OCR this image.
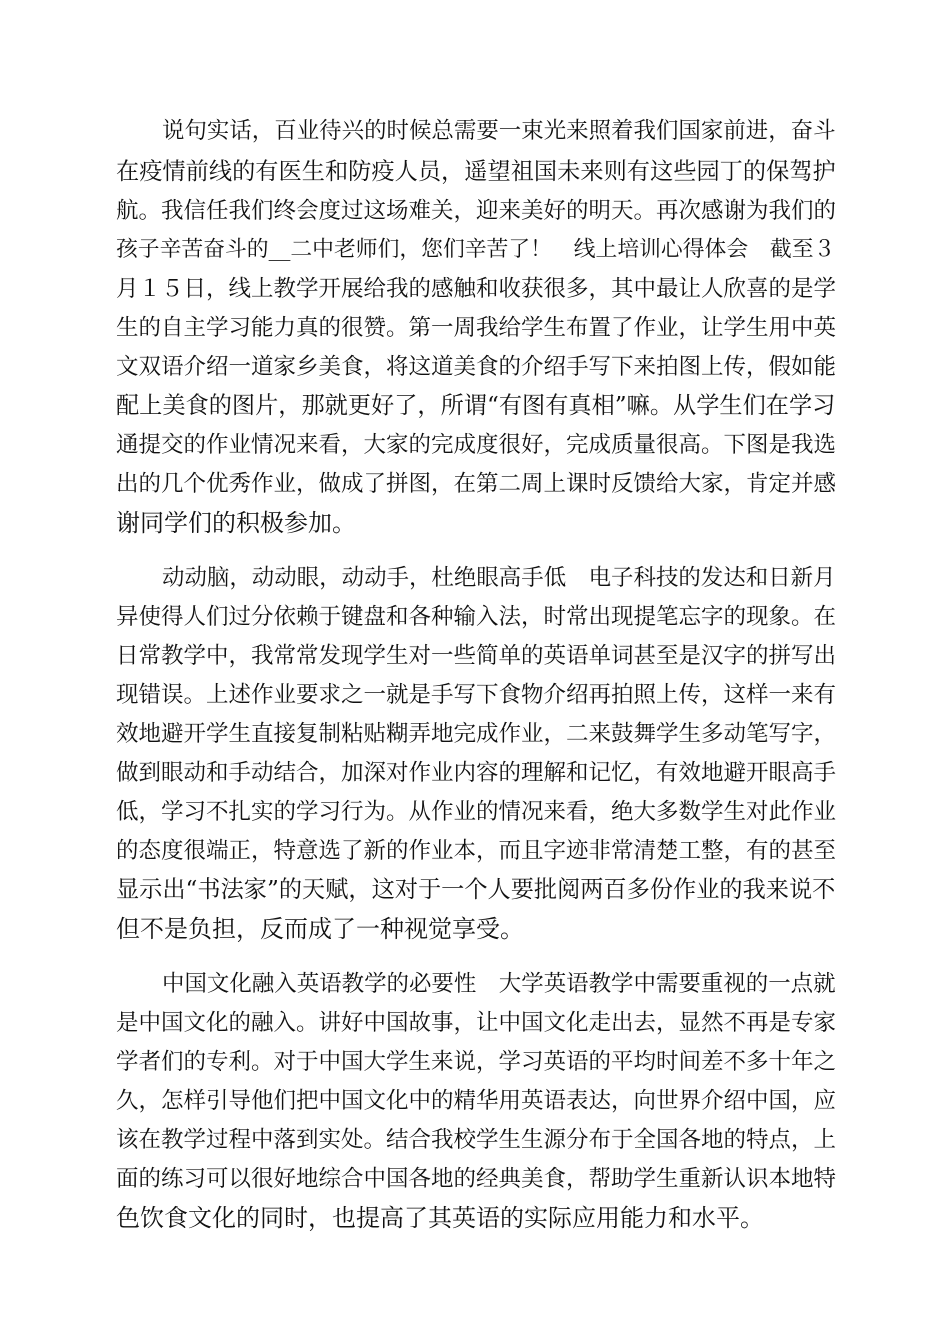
说句实话，百业待兴的时候总需要一束光来照着我们国家前进，奋斗

在疫情前线的有医生和防疫人员，遥望祖国未来则有这些园丁的保驾护

航。我信任我们终会度过这场难关，迎来美好的明天。再次感谢为我们的

孩子辛苦奋斗的__二中老师们，您们辛苦了！　线上培训心得体会　截至３

月１５日，线上教学开展给我的感触和收获很多，其中最让人欣喜的是学

生的自主学习能力真的很赞。第一周我给学生布置了作业，让学生用中英

文双语介绍一道家乡美食，将这道美食的介绍手写下来拍图上传，假如能

配上美食的图片，那就更好了，所谓“有图有真相”嘛。从学生们在学习

通提交的作业情况来看，大家的完成度很好，完成质量很高。下图是我选

出的几个优秀作业，做成了拼图，在第二周上课时反馈给大家，肯定并感

谢同学们的积极参加。

动动脑，动动眼，动动手，杜绝眼高手低　电子科技的发达和日新月

异使得人们过分依赖于键盘和各种输入法，时常出现提笔忘字的现象。在

日常教学中，我常常发现学生对一些简单的英语单词甚至是汉字的拼写出

现错误。上述作业要求之一就是手写下食物介绍再拍照上传，这样一来有

效地避开学生直接复制粘贴糊弄地完成作业，二来鼓舞学生多动笔写字，

做到眼动和手动结合，加深对作业内容的理解和记忆，有效地避开眼高手

低，学习不扎实的学习行为。从作业的情况来看，绝大多数学生对此作业

的态度很端正，特意选了新的作业本，而且字迹非常清楚工整，有的甚至

显示出“书法家”的天赋，这对于一个人要批阅两百多份作业的我来说不

但不是负担，反而成了一种视觉享受。

中国文化融入英语教学的必要性　大学英语教学中需要重视的一点就

是中国文化的融入。讲好中国故事，让中国文化走出去，显然不再是专家

学者们的专利。对于中国大学生来说，学习英语的平均时间差不多十年之

久，怎样引导他们把中国文化中的精华用英语表达，向世界介绍中国，应

该在教学过程中落到实处。结合我校学生生源分布于全国各地的特点，上

面的练习可以很好地综合中国各地的经典美食，帮助学生重新认识本地特

色饮食文化的同时，也提高了其英语的实际应用能力和水平。
